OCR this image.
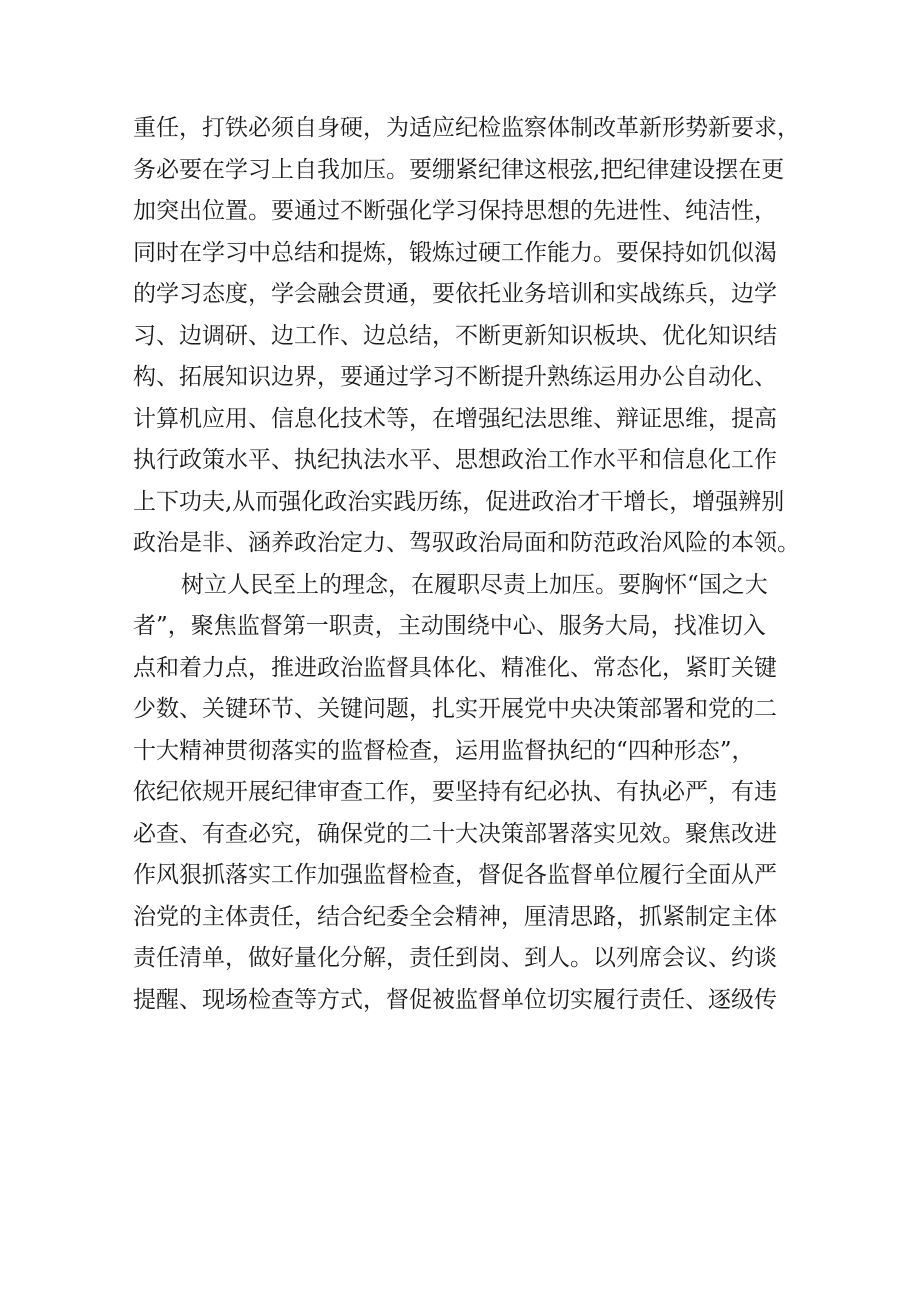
重任，打铁必须自身硬，为适应纪检监察体制改革新形势新要求，
务必要在学习上自我加压。要绷紧纪律这根弦,把纪律建设摆在更
加突出位置。要通过不断强化学习保持思想的先进性、纯洁性，
同时在学习中总结和提炼，锻炼过硬工作能力。要保持如饥似渴
的学习态度，学会融会贯通，要依托业务培训和实战练兵，边学
习、边调研、边工作、边总结，不断更新知识板块、优化知识结
构、拓展知识边界，要通过学习不断提升熟练运用办公自动化、
计算机应用、信息化技术等，在增强纪法思维、辩证思维，提高
执行政策水平、执纪执法水平、思想政治工作水平和信息化工作
上下功夫,从而强化政治实践历练，促进政治才干增长，增强辨别
政治是非、涵养政治定力、驾驭政治局面和防范政治风险的本领。
树立人民至上的理念，在履职尽责上加压。要胸怀“国之大
者”，聚焦监督第一职责，主动围绕中心、服务大局，找准切入
点和着力点，推进政治监督具体化、精准化、常态化，紧盯关键
少数、关键环节、关键问题，扎实开展党中央决策部署和党的二
十大精神贯彻落实的监督检查，运用监督执纪的“四种形态”，
依纪依规开展纪律审查工作，要坚持有纪必执、有执必严，有违
必查、有查必究，确保党的二十大决策部署落实见效。聚焦改进
作风狠抓落实工作加强监督检查，督促各监督单位履行全面从严
治党的主体责任，结合纪委全会精神，厘清思路，抓紧制定主体
责任清单，做好量化分解，责任到岗、到人。以列席会议、约谈
提醒、现场检查等方式，督促被监督单位切实履行责任、逐级传
